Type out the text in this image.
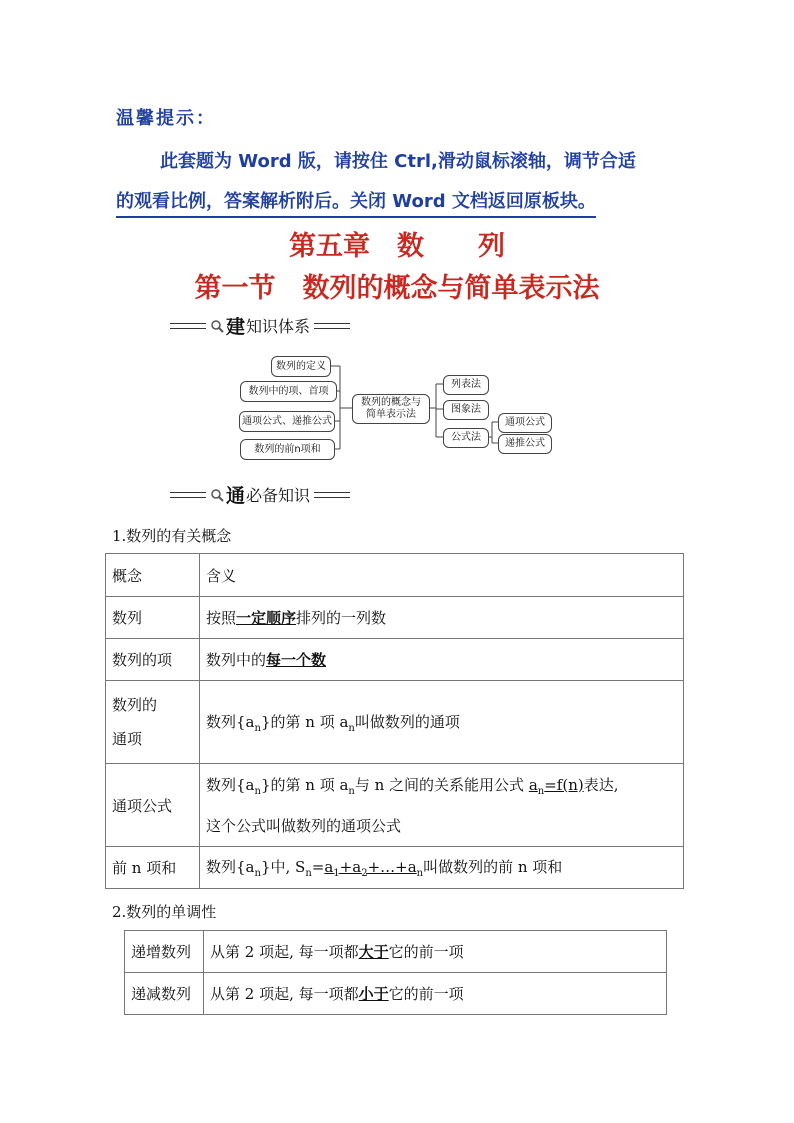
温馨提示：
此套题为 Word 版，请按住 Ctrl,滑动鼠标滚轴，调节合适
的观看比例，答案解析附后。关闭 Word 文档返回原板块。
第五章　数　　列
第一节　数列的概念与简单表示法
建 知识体系
数列的定义
数列中的项、首项
通项公式、递推公式
数列的前n项和
数列的概念与简单表示法
列表法
图象法
公式法
通项公式
递推公式
通 必备知识
1.数列的有关概念
概念	含义
数列	按照一定顺序排列的一列数
数列的项	数列中的每一个数
数列的
通项	数列$\{a_n\}$的第 n 项 $a_n$叫做数列的通项
通项公式	数列$\{a_n\}$的第 n 项 $a_n$与 n 之间的关系能用公式 $a_n=f(n)$表达,
这个公式叫做数列的通项公式
前 n 项和	数列$\{a_n\}$中, $S_n=a_1+a_2+\dots+a_n$叫做数列的前 n 项和
2.数列的单调性
递增数列	从第 2 项起, 每一项都大于它的前一项
递减数列	从第 2 项起, 每一项都小于它的前一项
